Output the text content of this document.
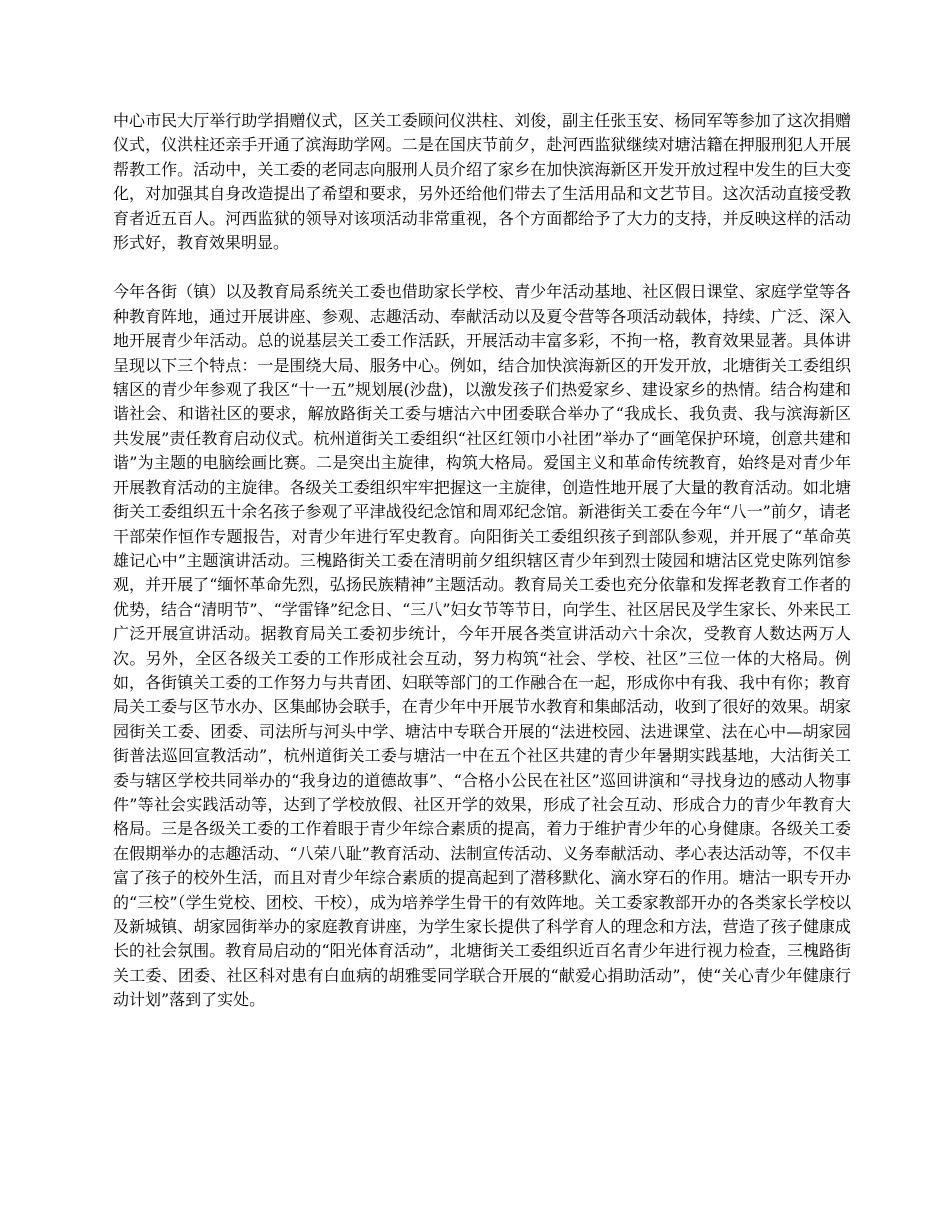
中心市民大厅举行助学捐赠仪式，区关工委顾问仪洪柱、刘俊，副主任张玉安、杨同军等参加了这次捐赠仪式，仪洪柱还亲手开通了滨海助学网。二是在国庆节前夕，赴河西监狱继续对塘沽籍在押服刑犯人开展帮教工作。活动中，关工委的老同志向服刑人员介绍了家乡在加快滨海新区开发开放过程中发生的巨大变化，对加强其自身改造提出了希望和要求，另外还给他们带去了生活用品和文艺节目。这次活动直接受教育者近五百人。河西监狱的领导对该项活动非常重视，各个方面都给予了大力的支持，并反映这样的活动形式好，教育效果明显。

今年各街（镇）以及教育局系统关工委也借助家长学校、青少年活动基地、社区假日课堂、家庭学堂等各种教育阵地，通过开展讲座、参观、志趣活动、奉献活动以及夏令营等各项活动载体，持续、广泛、深入地开展青少年活动。总的说基层关工委工作活跃，开展活动丰富多彩，不拘一格，教育效果显著。具体讲呈现以下三个特点：一是围绕大局、服务中心。例如，结合加快滨海新区的开发开放，北塘街关工委组织辖区的青少年参观了我区“十一五”规划展(沙盘)，以激发孩子们热爱家乡、建设家乡的热情。结合构建和谐社会、和谐社区的要求，解放路街关工委与塘沽六中团委联合举办了“我成长、我负责、我与滨海新区共发展”责任教育启动仪式。杭州道街关工委组织“社区红领巾小社团”举办了“画笔保护环境，创意共建和谐”为主题的电脑绘画比赛。二是突出主旋律，构筑大格局。爱国主义和革命传统教育，始终是对青少年开展教育活动的主旋律。各级关工委组织牢牢把握这一主旋律，创造性地开展了大量的教育活动。如北塘街关工委组织五十余名孩子参观了平津战役纪念馆和周邓纪念馆。新港街关工委在今年“八一”前夕，请老干部荣作恒作专题报告，对青少年进行军史教育。向阳街关工委组织孩子到部队参观，并开展了“革命英雄记心中”主题演讲活动。三槐路街关工委在清明前夕组织辖区青少年到烈士陵园和塘沽区党史陈列馆参观，并开展了“缅怀革命先烈，弘扬民族精神”主题活动。教育局关工委也充分依靠和发挥老教育工作者的优势，结合“清明节”、“学雷锋”纪念日、“三八”妇女节等节日，向学生、社区居民及学生家长、外来民工广泛开展宣讲活动。据教育局关工委初步统计，今年开展各类宣讲活动六十余次，受教育人数达两万人次。另外，全区各级关工委的工作形成社会互动，努力构筑“社会、学校、社区”三位一体的大格局。例如，各街镇关工委的工作努力与共青团、妇联等部门的工作融合在一起，形成你中有我、我中有你；教育局关工委与区节水办、区集邮协会联手，在青少年中开展节水教育和集邮活动，收到了很好的效果。胡家园街关工委、团委、司法所与河头中学、塘沽中专联合开展的“法进校园、法进课堂、法在心中—胡家园街普法巡回宣教活动”，杭州道街关工委与塘沽一中在五个社区共建的青少年暑期实践基地，大沽街关工委与辖区学校共同举办的“我身边的道德故事”、“合格小公民在社区”巡回讲演和“寻找身边的感动人物事件”等社会实践活动等，达到了学校放假、社区开学的效果，形成了社会互动、形成合力的青少年教育大格局。三是各级关工委的工作着眼于青少年综合素质的提高，着力于维护青少年的心身健康。各级关工委在假期举办的志趣活动、“八荣八耻”教育活动、法制宣传活动、义务奉献活动、孝心表达活动等，不仅丰富了孩子的校外生活，而且对青少年综合素质的提高起到了潜移默化、滴水穿石的作用。塘沽一职专开办的“三校”（学生党校、团校、干校），成为培养学生骨干的有效阵地。关工委家教部开办的各类家长学校以及新城镇、胡家园街举办的家庭教育讲座，为学生家长提供了科学育人的理念和方法，营造了孩子健康成长的社会氛围。教育局启动的“阳光体育活动”，北塘街关工委组织近百名青少年进行视力检查，三槐路街关工委、团委、社区科对患有白血病的胡雅雯同学联合开展的“献爱心捐助活动”，使“关心青少年健康行动计划”落到了实处。
